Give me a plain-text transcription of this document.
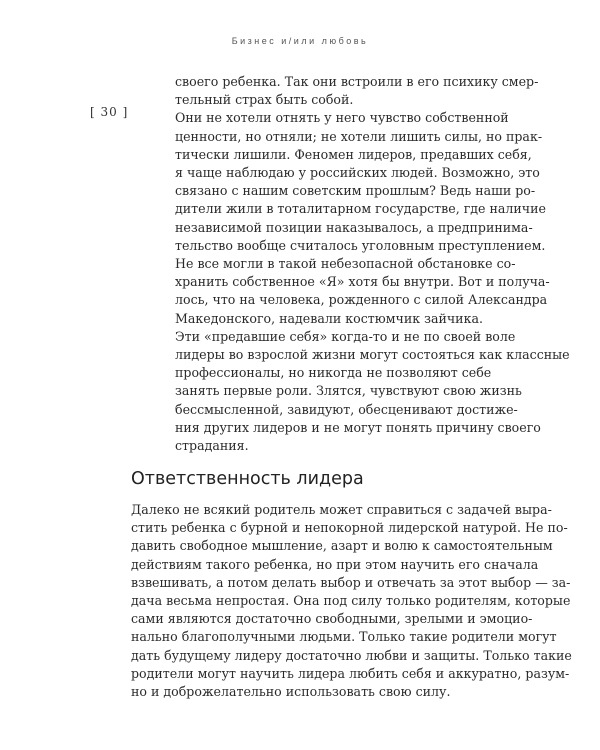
Бизнес и/или любовь
[ 30 ]
своего ребенка. Так они встроили в его психику смер-
тельный страх быть собой.
Они не хотели отнять у него чувство собственной
ценности, но отняли; не хотели лишить силы, но прак-
тически лишили. Феномен лидеров, предавших себя,
я чаще наблюдаю у российских людей. Возможно, это
связано с нашим советским прошлым? Ведь наши ро-
дители жили в тоталитарном государстве, где наличие
независимой позиции наказывалось, а предпринима-
тельство вообще считалось уголовным преступлением.
Не все могли в такой небезопасной обстановке со-
хранить собственное «Я» хотя бы внутри. Вот и получа-
лось, что на человека, рожденного с силой Александра
Македонского, надевали костюмчик зайчика.
Эти «предавшие себя» когда-то и не по своей воле
лидеры во взрослой жизни могут состояться как классные
профессионалы, но никогда не позволяют себе
занять первые роли. Злятся, чувствуют свою жизнь
бессмысленной, завидуют, обесценивают достиже-
ния других лидеров и не могут понять причину своего
страдания.
Ответственность лидера
Далеко не всякий родитель может справиться с задачей выра-
стить ребенка с бурной и непокорной лидерской натурой. Не по-
давить свободное мышление, азарт и волю к самостоятельным
действиям такого ребенка, но при этом научить его сначала
взвешивать, а потом делать выбор и отвечать за этот выбор — за-
дача весьма непростая. Она под силу только родителям, которые
сами являются достаточно свободными, зрелыми и эмоцио-
нально благополучными людьми. Только такие родители могут
дать будущему лидеру достаточно любви и защиты. Только такие
родители могут научить лидера любить себя и аккуратно, разум-
но и доброжелательно использовать свою силу.
